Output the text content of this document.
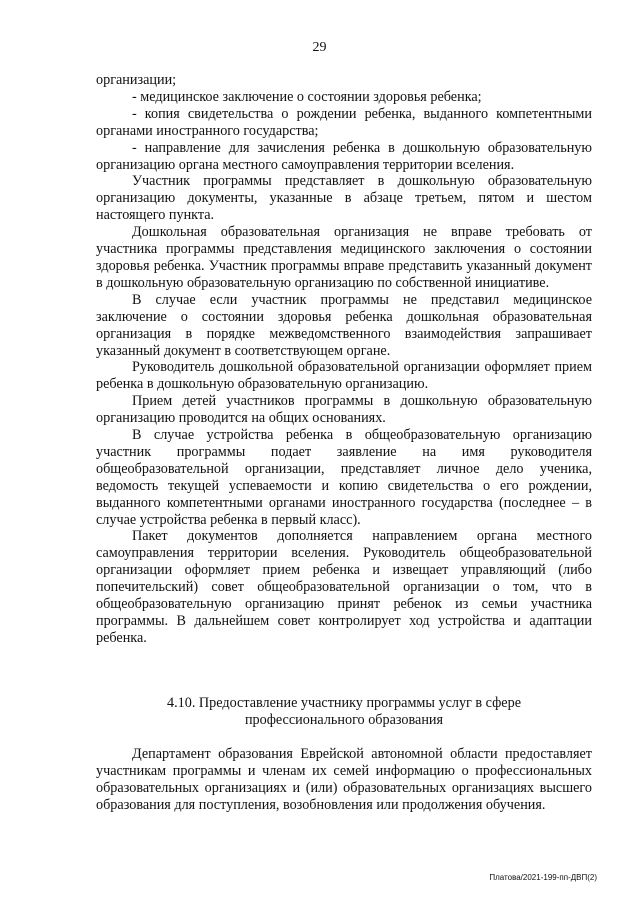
29

организации;

- медицинское заключение о состоянии здоровья ребенка;

- копия свидетельства о рождении ребенка, выданного компетентными органами иностранного государства;

- направление для зачисления ребенка в дошкольную образовательную организацию органа местного самоуправления территории вселения.

Участник программы представляет в дошкольную образовательную организацию документы, указанные в абзаце третьем, пятом и шестом настоящего пункта.

Дошкольная образовательная организация не вправе требовать от участника программы представления медицинского заключения о состоянии здоровья ребенка. Участник программы вправе представить указанный документ в дошкольную образовательную организацию по собственной инициативе.

В случае если участник программы не представил медицинское заключение о состоянии здоровья ребенка дошкольная образовательная организация в порядке межведомственного взаимодействия запрашивает указанный документ в соответствующем органе.

Руководитель дошкольной образовательной организации оформляет прием ребенка в дошкольную образовательную организацию.

Прием детей участников программы в дошкольную образовательную организацию проводится на общих основаниях.

В случае устройства ребенка в общеобразовательную организацию участник программы подает заявление на имя руководителя общеобразовательной организации, представляет личное дело ученика, ведомость текущей успеваемости и копию свидетельства о его рождении, выданного компетентными органами иностранного государства (последнее – в случае устройства ребенка в первый класс).

Пакет документов дополняется направлением органа местного самоуправления территории вселения. Руководитель общеобразовательной организации оформляет прием ребенка и извещает управляющий (либо попечительский) совет общеобразовательной организации о том, что в общеобразовательную организацию принят ребенок из семьи участника программы. В дальнейшем совет контролирует ход устройства и адаптации ребенка.

4.10. Предоставление участнику программы услуг в сфере
профессионального образования

Департамент образования Еврейской автономной области предоставляет участникам программы и членам их семей информацию о профессиональных образовательных организациях и (или) образовательных организациях высшего образования для поступления, возобновления или продолжения обучения.

Платова/2021-199-пп-ДВП(2)
